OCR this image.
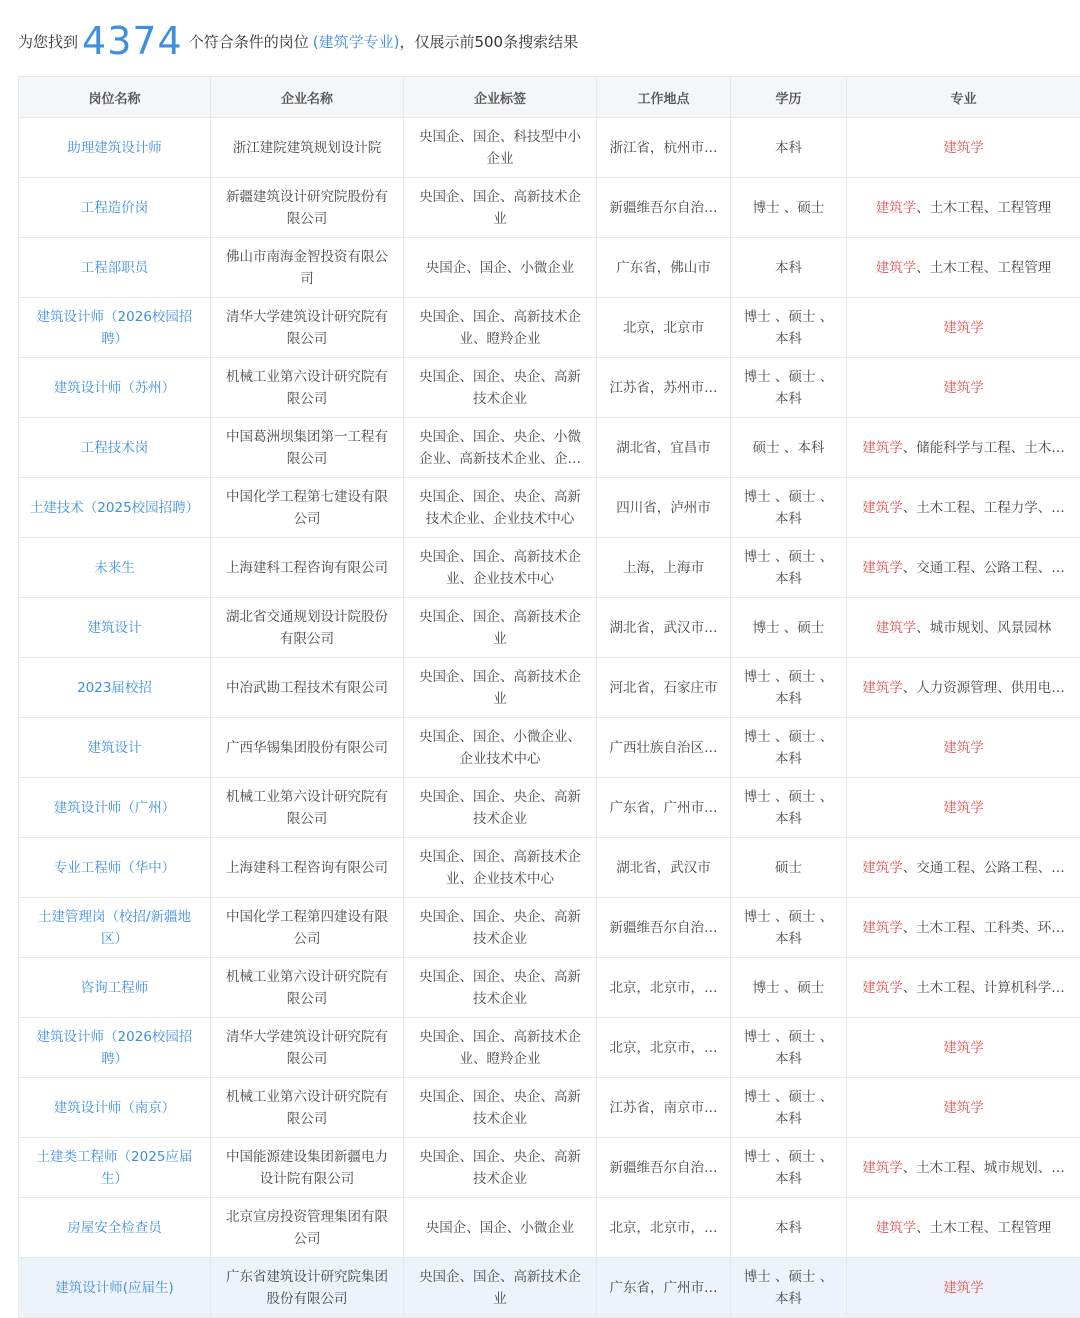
为您找到 4374 个符合条件的岗位 (建筑学专业) ，仅展示前500条搜索结果
岗位名称	企业名称	企业标签	工作地点	学历	专业

助理建筑设计师	浙江建院建筑规划设计院	央国企、国企、科技型中小企业	浙江省，杭州市…	本科	建筑学

工程造价岗	新疆建筑设计研究院股份有限公司	央国企、国企、高新技术企业	新疆维吾尔自治…	博士 、硕士	建筑学、土木工程、工程管理

工程部职员	佛山市南海金智投资有限公司	央国企、国企、小微企业	广东省，佛山市	本科	建筑学、土木工程、工程管理

建筑设计师（2026校园招聘）	清华大学建筑设计研究院有限公司	央国企、国企、高新技术企业、瞪羚企业	北京，北京市	博士 、硕士 、本科	建筑学

建筑设计师（苏州）	机械工业第六设计研究院有限公司	央国企、国企、央企、高新技术企业	江苏省，苏州市…	博士 、硕士 、本科	建筑学

工程技术岗	中国葛洲坝集团第一工程有限公司	央国企、国企、央企、小微企业、高新技术企业、企…	湖北省，宜昌市	硕士 、本科	建筑学、储能科学与工程、土木…

土建技术（2025校园招聘）	中国化学工程第七建设有限公司	央国企、国企、央企、高新技术企业、企业技术中心	四川省，泸州市	博士 、硕士 、本科	建筑学、土木工程、工程力学、…

未来生	上海建科工程咨询有限公司	央国企、国企、高新技术企业、企业技术中心	上海，上海市	博士 、硕士 、本科	建筑学、交通工程、公路工程、…

建筑设计	湖北省交通规划设计院股份有限公司	央国企、国企、高新技术企业	湖北省，武汉市…	博士 、硕士	建筑学、城市规划、风景园林

2023届校招	中冶武勘工程技术有限公司	央国企、国企、高新技术企业	河北省，石家庄市	博士 、硕士 、本科	建筑学、人力资源管理、供用电…

建筑设计	广西华锡集团股份有限公司	央国企、国企、小微企业、企业技术中心	广西壮族自治区…	博士 、硕士 、本科	建筑学

建筑设计师（广州）	机械工业第六设计研究院有限公司	央国企、国企、央企、高新技术企业	广东省，广州市…	博士 、硕士 、本科	建筑学

专业工程师（华中）	上海建科工程咨询有限公司	央国企、国企、高新技术企业、企业技术中心	湖北省，武汉市	硕士	建筑学、交通工程、公路工程、…

土建管理岗（校招/新疆地区）	中国化学工程第四建设有限公司	央国企、国企、央企、高新技术企业	新疆维吾尔自治…	博士 、硕士 、本科	建筑学、土木工程、工科类、环…

咨询工程师	机械工业第六设计研究院有限公司	央国企、国企、央企、高新技术企业	北京，北京市，…	博士 、硕士	建筑学、土木工程、计算机科学…

建筑设计师（2026校园招聘）	清华大学建筑设计研究院有限公司	央国企、国企、高新技术企业、瞪羚企业	北京，北京市，…	博士 、硕士 、本科	建筑学

建筑设计师（南京）	机械工业第六设计研究院有限公司	央国企、国企、央企、高新技术企业	江苏省，南京市…	博士 、硕士 、本科	建筑学

土建类工程师（2025应届生）	中国能源建设集团新疆电力设计院有限公司	央国企、国企、央企、高新技术企业	新疆维吾尔自治…	博士 、硕士 、本科	建筑学、土木工程、城市规划、…

房屋安全检查员	北京宣房投资管理集团有限公司	央国企、国企、小微企业	北京，北京市，…	本科	建筑学、土木工程、工程管理

建筑设计师(应届生)	广东省建筑设计研究院集团股份有限公司	央国企、国企、高新技术企业	广东省，广州市…	博士 、硕士 、本科	建筑学
